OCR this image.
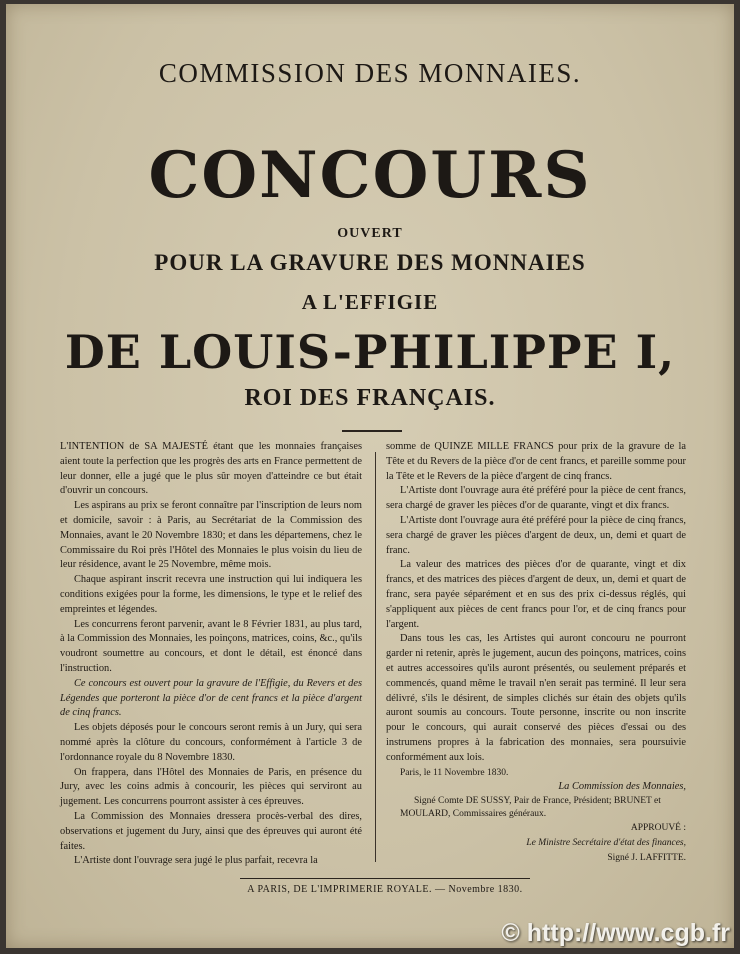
COMMISSION DES MONNAIES.
CONCOURS
OUVERT
POUR LA GRAVURE DES MONNAIES
A L'EFFIGIE
DE LOUIS-PHILIPPE I,
ROI DES FRANÇAIS.

L'INTENTION de SA MAJESTÉ étant que les monnaies françaises aient toute la perfection que les progrès des arts en France permettent de leur donner, elle a jugé que le plus sûr moyen d'atteindre ce but était d'ouvrir un concours.

Les aspirans au prix se feront connaître par l'inscription de leurs nom et domicile, savoir : à Paris, au Secrétariat de la Commission des Monnaies, avant le 20 Novembre 1830; et dans les départemens, chez le Commissaire du Roi près l'Hôtel des Monnaies le plus voisin du lieu de leur résidence, avant le 25 Novembre, même mois.

Chaque aspirant inscrit recevra une instruction qui lui indiquera les conditions exigées pour la forme, les dimensions, le type et le relief des empreintes et légendes.

Les concurrens feront parvenir, avant le 8 Février 1831, au plus tard, à la Commission des Monnaies, les poinçons, matrices, coins, &c., qu'ils voudront soumettre au concours, et dont le détail, est énoncé dans l'instruction.

Ce concours est ouvert pour la gravure de l'Effigie, du Revers et des Légendes que porteront la pièce d'or de cent francs et la pièce d'argent de cinq francs.

Les objets déposés pour le concours seront remis à un Jury, qui sera nommé après la clôture du concours, conformément à l'article 3 de l'ordonnance royale du 8 Novembre 1830.

On frappera, dans l'Hôtel des Monnaies de Paris, en présence du Jury, avec les coins admis à concourir, les pièces qui serviront au jugement. Les concurrens pourront assister à ces épreuves.

La Commission des Monnaies dressera procès-verbal des dires, observations et jugement du Jury, ainsi que des épreuves qui auront été faites.

L'Artiste dont l'ouvrage sera jugé le plus parfait, recevra la

somme de QUINZE MILLE FRANCS pour prix de la gravure de la Tête et du Revers de la pièce d'or de cent francs, et pareille somme pour la Tête et le Revers de la pièce d'argent de cinq francs.

L'Artiste dont l'ouvrage aura été préféré pour la pièce de cent francs, sera chargé de graver les pièces d'or de quarante, vingt et dix francs.

L'Artiste dont l'ouvrage aura été préféré pour la pièce de cinq francs, sera chargé de graver les pièces d'argent de deux, un, demi et quart de franc.

La valeur des matrices des pièces d'or de quarante, vingt et dix francs, et des matrices des pièces d'argent de deux, un, demi et quart de franc, sera payée séparément et en sus des prix ci-dessus réglés, qui s'appliquent aux pièces de cent francs pour l'or, et de cinq francs pour l'argent.

Dans tous les cas, les Artistes qui auront concouru ne pourront garder ni retenir, après le jugement, aucun des poinçons, matrices, coins et autres accessoires qu'ils auront présentés, ou seulement préparés et commencés, quand même le travail n'en serait pas terminé. Il leur sera délivré, s'ils le désirent, de simples clichés sur étain des objets qu'ils auront soumis au concours. Toute personne, inscrite ou non inscrite pour le concours, qui aurait conservé des pièces d'essai ou des instrumens propres à la fabrication des monnaies, sera poursuivie conformément aux lois.

Paris, le 11 Novembre 1830.

La Commission des Monnaies,

Signé Comte DE SUSSY, Pair de France, Président; BRUNET et MOULARD, Commissaires généraux.

APPROUVÉ :

Le Ministre Secrétaire d'état des finances,

Signé J. LAFFITTE.

A PARIS, DE L'IMPRIMERIE ROYALE. — Novembre 1830.
© http://www.cgb.fr
